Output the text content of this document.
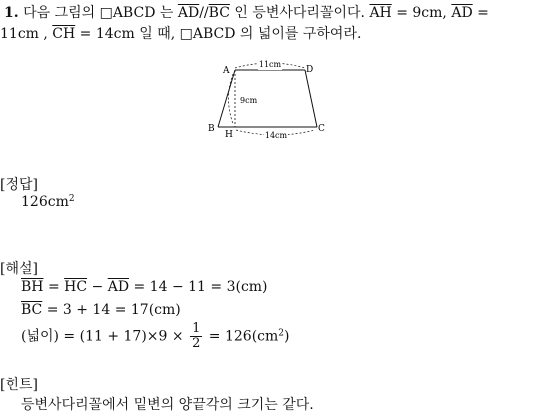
1. 다음 그림의 □ABCD 는 $\overline{AD}//\overline{BC}$ 인 등변사다리꼴이다. $\overline{AH} = 9cm$, $\overline{AD}$ =
11cm , $\overline{CH} = 14cm$ 일 때, □ABCD 의 넓이를 구하여라.
11cm
9cm
14cm
A	D
B	C
H
[정답]
$126cm^2$
[해설]
$\overline{BH} = \overline{HC} - \overline{AD} = 14 - 11 = 3(cm)$
$\overline{BC} = 3 + 14 = 17(cm)$
(넓이) = $(11 + 17)\times 9 \times \frac{1}{2} = 126(cm^2)$
[힌트]
등변사다리꼴에서 밑변의 양끝각의 크기는 같다.
